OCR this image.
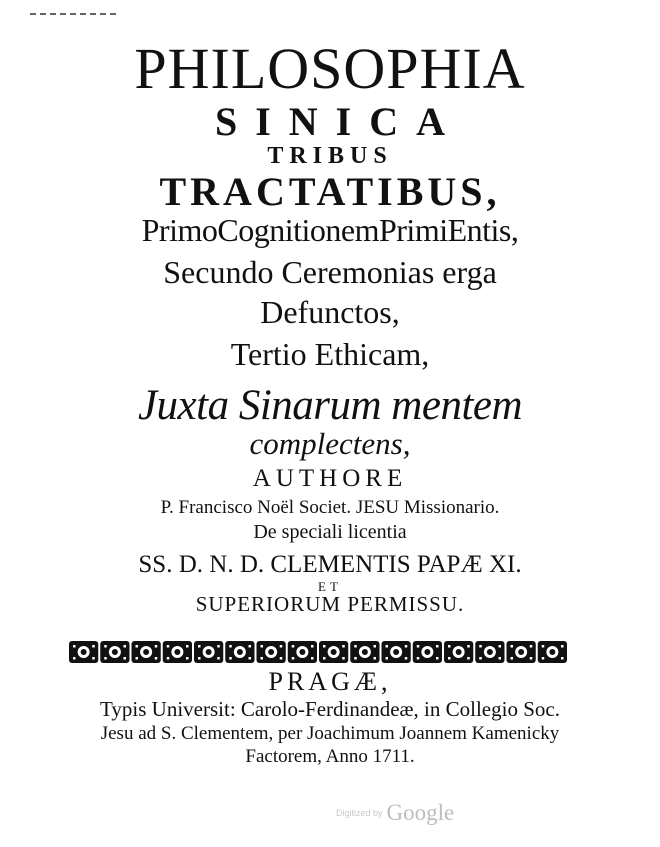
PHILOSOPHIA
SINICA
TRIBUS
TRACTATIBUS,
PrimoCognitionemPrimiEntis,
Secundo Ceremonias erga
Defunctos,
Tertio Ethicam,
Juxta Sinarum mentem
complectens,
AUTHORE
P. Francisco Noël Societ. JESU Missionario.
De speciali licentia
SS. D. N. D. CLEMENTIS PAPÆ XI.
ET
SUPERIORUM PERMISSU.
PRAGÆ,
Typis Universit: Carolo-Ferdinandeæ, in Collegio Soc.
Jesu ad S. Clementem, per Joachimum Joannem Kamenicky
Factorem, Anno 1711.
Digitized by Google
